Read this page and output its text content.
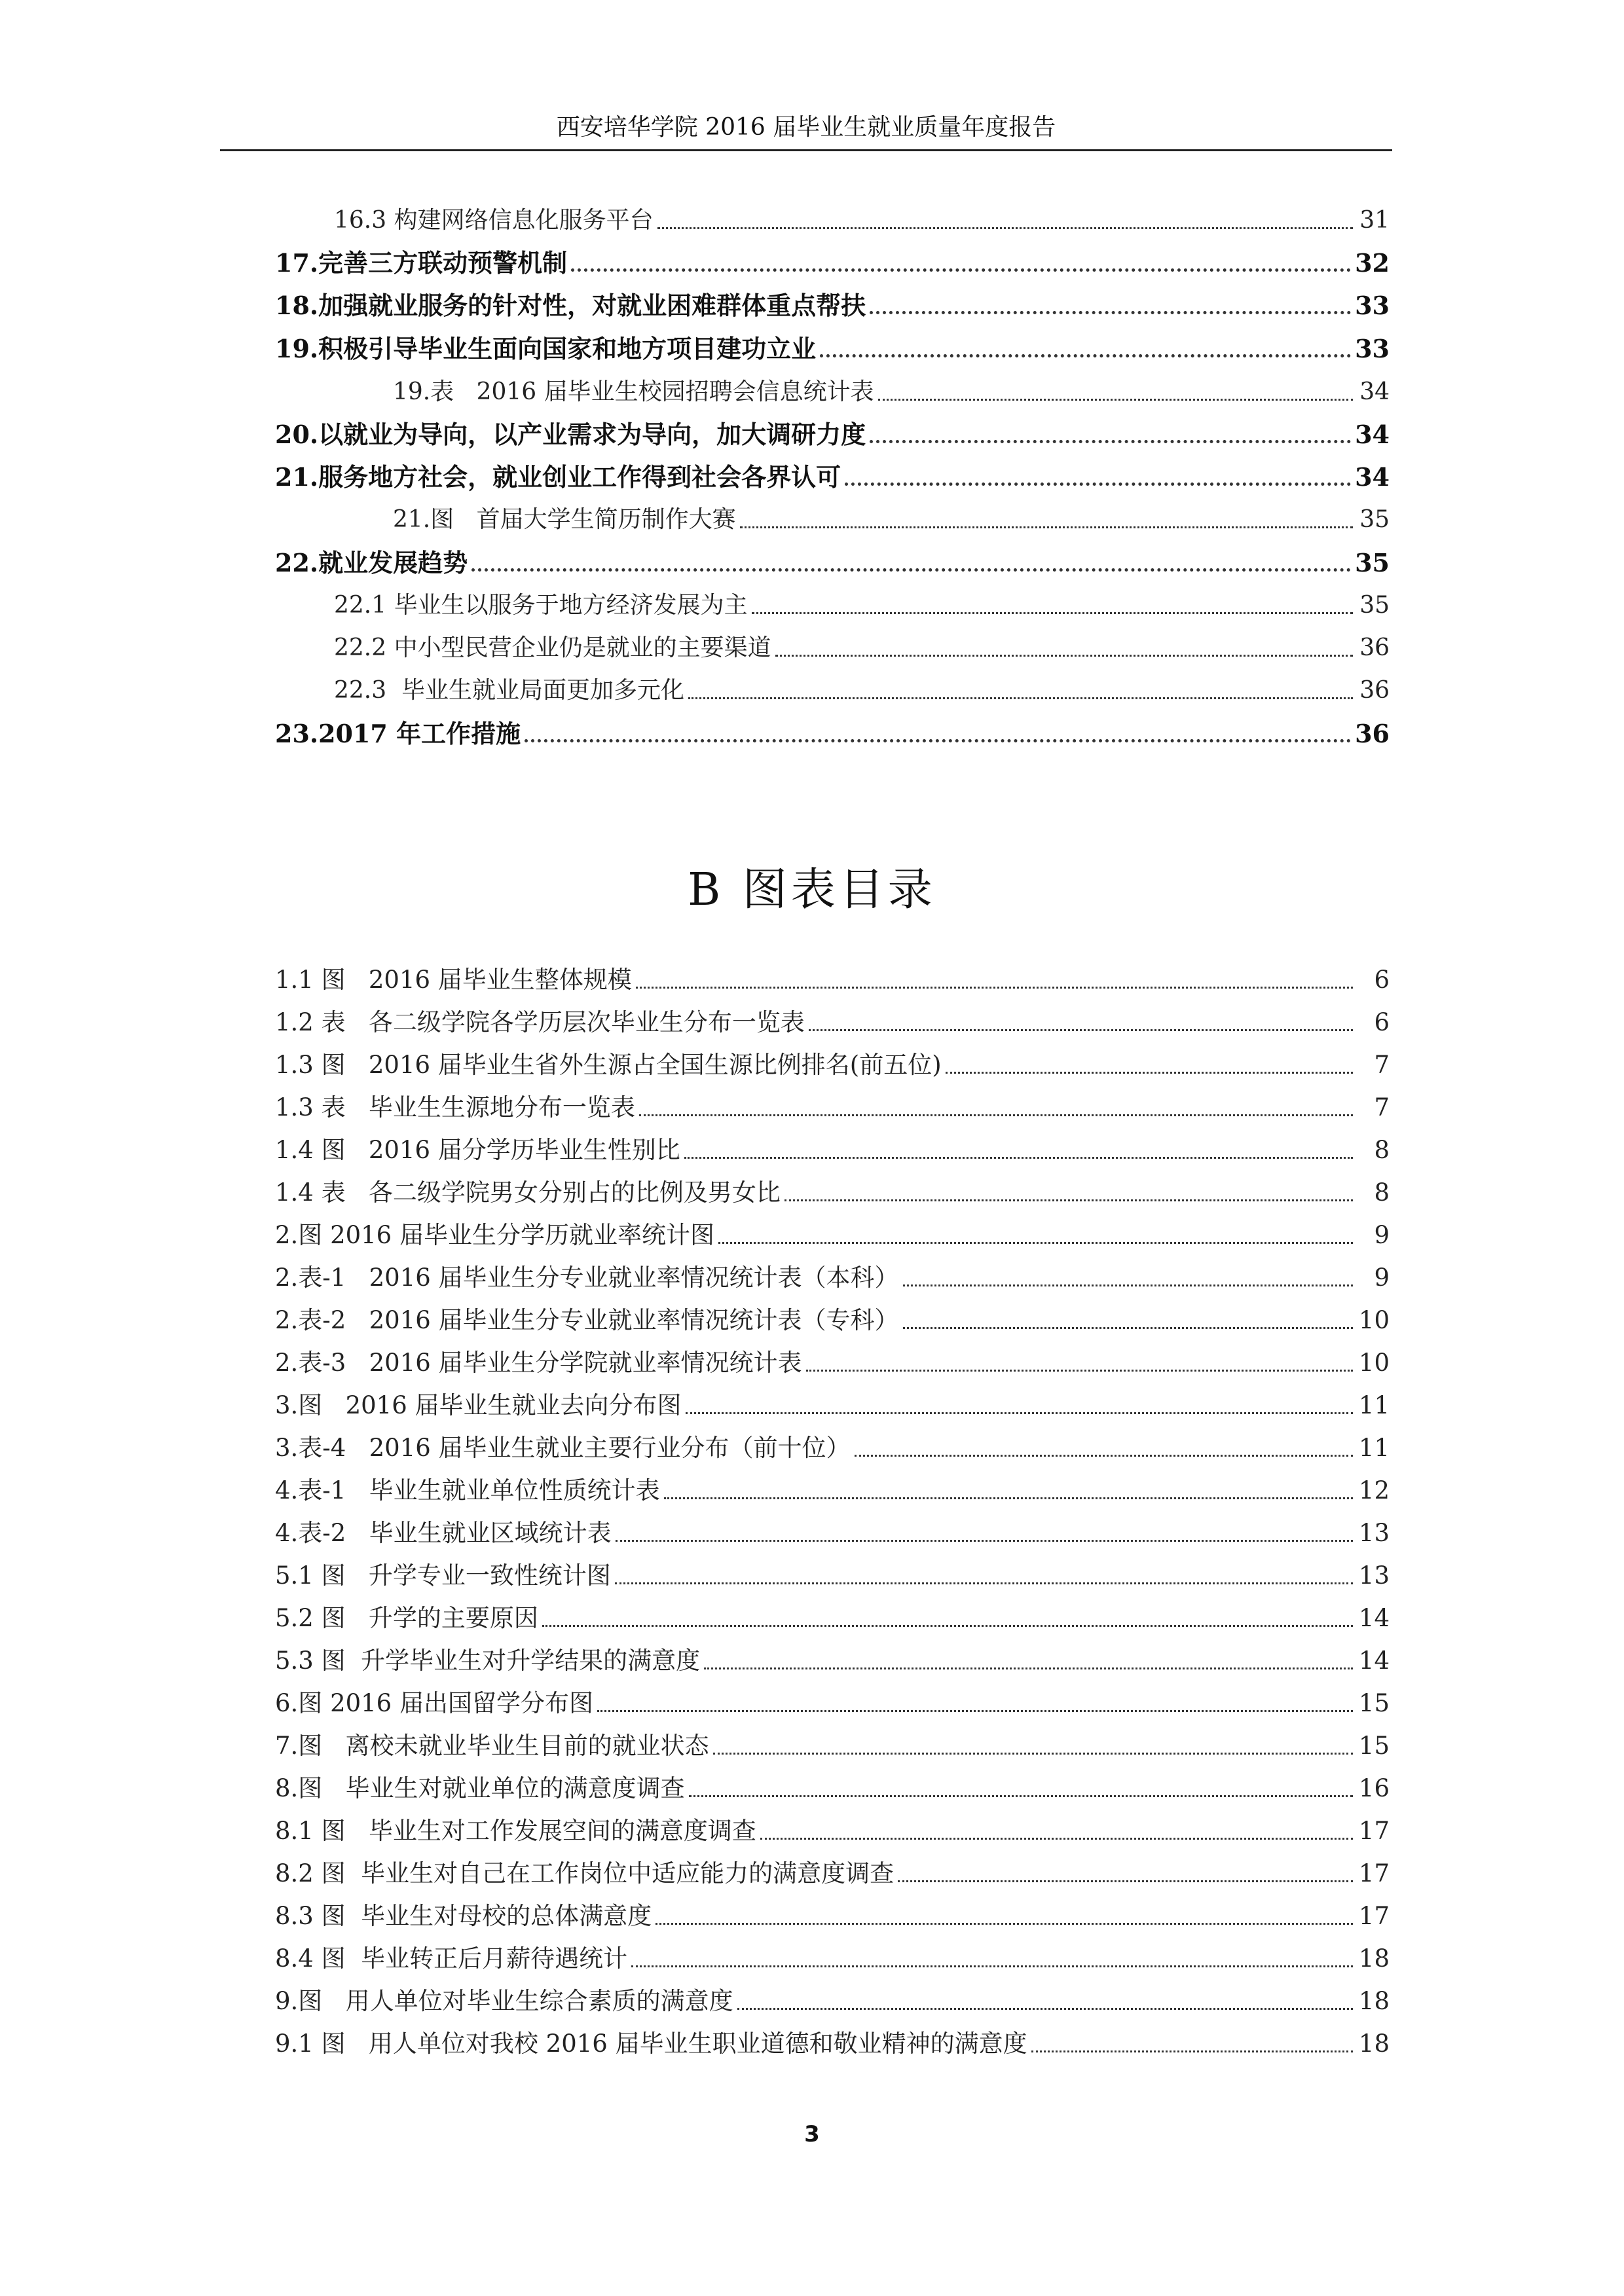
西安培华学院 2016 届毕业生就业质量年度报告
16.3 构建网络信息化服务平台	31
17.完善三方联动预警机制	32
18.加强就业服务的针对性，对就业困难群体重点帮扶	33
19.积极引导毕业生面向国家和地方项目建功立业	33
19.表   2016 届毕业生校园招聘会信息统计表	34
20.以就业为导向，以产业需求为导向，加大调研力度	34
21.服务地方社会，就业创业工作得到社会各界认可	34
21.图   首届大学生简历制作大赛	35
22.就业发展趋势	35
22.1 毕业生以服务于地方经济发展为主	35
22.2 中小型民营企业仍是就业的主要渠道	36
22.3  毕业生就业局面更加多元化	36
23.2017 年工作措施	36
B 图表目录
1.1 图   2016 届毕业生整体规模	6
1.2 表   各二级学院各学历层次毕业生分布一览表	6
1.3 图   2016 届毕业生省外生源占全国生源比例排名(前五位)	7
1.3 表   毕业生生源地分布一览表	7
1.4 图   2016 届分学历毕业生性别比	8
1.4 表   各二级学院男女分别占的比例及男女比	8
2.图 2016 届毕业生分学历就业率统计图	9
2.表-1   2016 届毕业生分专业就业率情况统计表（本科）	9
2.表-2   2016 届毕业生分专业就业率情况统计表（专科）	10
2.表-3   2016 届毕业生分学院就业率情况统计表	10
3.图   2016 届毕业生就业去向分布图	11
3.表-4   2016 届毕业生就业主要行业分布（前十位）	11
4.表-1   毕业生就业单位性质统计表	12
4.表-2   毕业生就业区域统计表	13
5.1 图   升学专业一致性统计图	13
5.2 图   升学的主要原因	14
5.3 图  升学毕业生对升学结果的满意度	14
6.图 2016 届出国留学分布图	15
7.图   离校未就业毕业生目前的就业状态	15
8.图   毕业生对就业单位的满意度调查	16
8.1 图   毕业生对工作发展空间的满意度调查	17
8.2 图  毕业生对自己在工作岗位中适应能力的满意度调查	17
8.3 图  毕业生对母校的总体满意度	17
8.4 图  毕业转正后月薪待遇统计	18
9.图   用人单位对毕业生综合素质的满意度	18
9.1 图   用人单位对我校 2016 届毕业生职业道德和敬业精神的满意度	18
3
